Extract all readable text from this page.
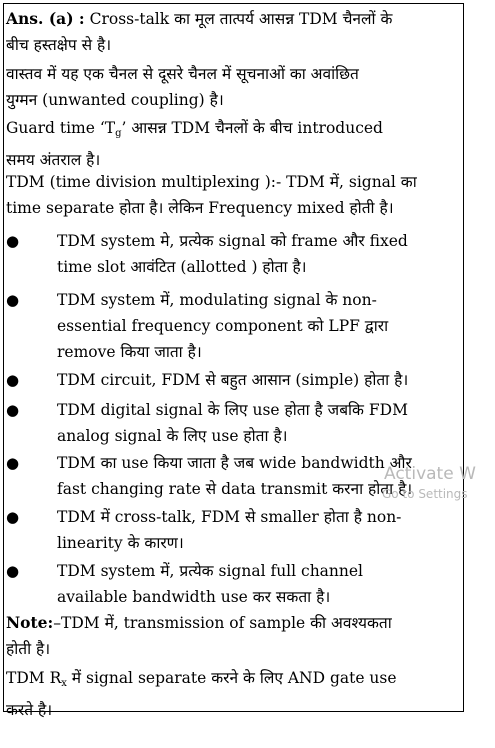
Ans. (a) : Cross-talk का मूल तात्पर्य आसन्न TDM चैनलों के
बीच हस्तक्षेप से है।
वास्तव में यह एक चैनल से दूसरे चैनल में सूचनाओं का अवांछित
युग्मन (unwanted coupling) है।
Guard time ‘$T_g$’ आसन्न TDM चैनलों के बीच introduced
समय अंतराल है।
TDM (time division multiplexing ):- TDM में, signal का
time separate होता है। लेकिन Frequency mixed होती है।
● TDM system मे, प्रत्येक signal को frame और fixed
time slot आवंटित (allotted ) होता है।
● TDM system में, modulating signal के non-
essential frequency component को LPF द्वारा
remove किया जाता है।
● TDM circuit, FDM से बहुत आसान (simple) होता है।
● TDM digital signal के लिए use होता है जबकि FDM
analog signal के लिए use होता है।
● TDM का use किया जाता है जब wide bandwidth और
fast changing rate से data transmit करना होता है।
● TDM में cross-talk, FDM से smaller होता है non-
linearity के कारण।
● TDM system में, प्रत्येक signal full channel
available bandwidth use कर सकता है।
Note:–TDM में, transmission of sample की अवश्यकता
होती है।
TDM $R_x$ में signal separate करने के लिए AND gate use
करते है।
Activate W
Go to Settings
